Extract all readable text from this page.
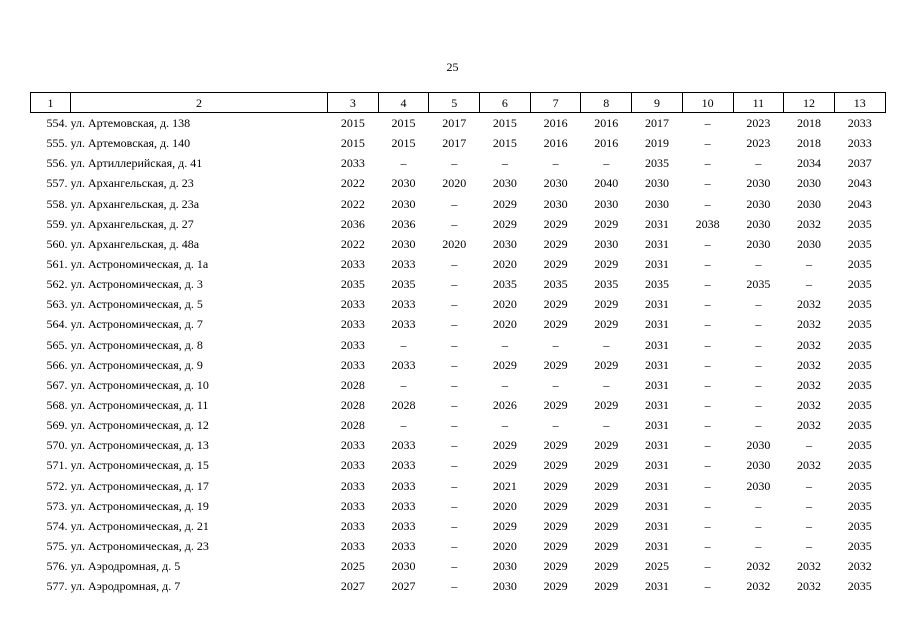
25
1	2	3	4	5	6	7	8	9	10	11	12	13
554.	ул. Артемовская, д. 138	2015	2015	2017	2015	2016	2016	2017	–	2023	2018	2033
555.	ул. Артемовская, д. 140	2015	2015	2017	2015	2016	2016	2019	–	2023	2018	2033
556.	ул. Артиллерийская, д. 41	2033	–	–	–	–	–	2035	–	–	2034	2037
557.	ул. Архангельская, д. 23	2022	2030	2020	2030	2030	2040	2030	–	2030	2030	2043
558.	ул. Архангельская, д. 23а	2022	2030	–	2029	2030	2030	2030	–	2030	2030	2043
559.	ул. Архангельская, д. 27	2036	2036	–	2029	2029	2029	2031	2038	2030	2032	2035
560.	ул. Архангельская, д. 48а	2022	2030	2020	2030	2029	2030	2031	–	2030	2030	2035
561.	ул. Астрономическая, д. 1а	2033	2033	–	2020	2029	2029	2031	–	–	–	2035
562.	ул. Астрономическая, д. 3	2035	2035	–	2035	2035	2035	2035	–	2035	–	2035
563.	ул. Астрономическая, д. 5	2033	2033	–	2020	2029	2029	2031	–	–	2032	2035
564.	ул. Астрономическая, д. 7	2033	2033	–	2020	2029	2029	2031	–	–	2032	2035
565.	ул. Астрономическая, д. 8	2033	–	–	–	–	–	2031	–	–	2032	2035
566.	ул. Астрономическая, д. 9	2033	2033	–	2029	2029	2029	2031	–	–	2032	2035
567.	ул. Астрономическая, д. 10	2028	–	–	–	–	–	2031	–	–	2032	2035
568.	ул. Астрономическая, д. 11	2028	2028	–	2026	2029	2029	2031	–	–	2032	2035
569.	ул. Астрономическая, д. 12	2028	–	–	–	–	–	2031	–	–	2032	2035
570.	ул. Астрономическая, д. 13	2033	2033	–	2029	2029	2029	2031	–	2030	–	2035
571.	ул. Астрономическая, д. 15	2033	2033	–	2029	2029	2029	2031	–	2030	2032	2035
572.	ул. Астрономическая, д. 17	2033	2033	–	2021	2029	2029	2031	–	2030	–	2035
573.	ул. Астрономическая, д. 19	2033	2033	–	2020	2029	2029	2031	–	–	–	2035
574.	ул. Астрономическая, д. 21	2033	2033	–	2029	2029	2029	2031	–	–	–	2035
575.	ул. Астрономическая, д. 23	2033	2033	–	2020	2029	2029	2031	–	–	–	2035
576.	ул. Аэродромная, д. 5	2025	2030	–	2030	2029	2029	2025	–	2032	2032	2032
577.	ул. Аэродромная, д. 7	2027	2027	–	2030	2029	2029	2031	–	2032	2032	2035
